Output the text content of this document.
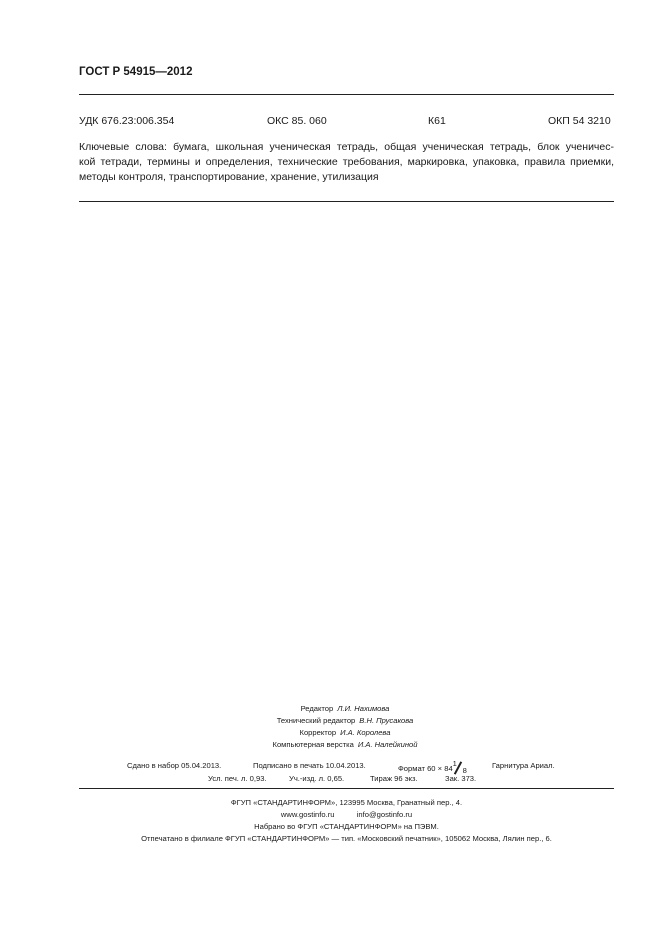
ГОСТ Р 54915—2012
УДК 676.23:006.354	ОКС 85. 060	К61	ОКП 54 3210
Ключевые слова: бумага, школьная ученическая тетрадь, общая ученическая тетрадь, блок ученичес-
кой тетради, термины и определения, технические требования, маркировка, упаковка, правила приемки,
методы контроля, транспортирование, хранение, утилизация
Редактор Л.И. Нахимова
Технический редактор В.Н. Прусакова
Корректор И.А. Королева
Компьютерная верстка И.А. Налейкиной
Сдано в набор 05.04.2013.	Подписано в печать 10.04.2013.	Формат 60 × 84
1
8
Гарнитура Ариал.
Усл. печ. л. 0,93.	Уч.-изд. л. 0,65.	Тираж 96 экз.	Зак. 373.
ФГУП «СТАНДАРТИНФОРМ», 123995 Москва, Гранатный пер., 4.
www.gostinfo.ru	info@gostinfo.ru
Набрано во ФГУП «СТАНДАРТИНФОРМ» на ПЭВМ.
Отпечатано в филиале ФГУП «СТАНДАРТИНФОРМ» — тип. «Московский печатник», 105062 Москва, Лялин пер., 6.
